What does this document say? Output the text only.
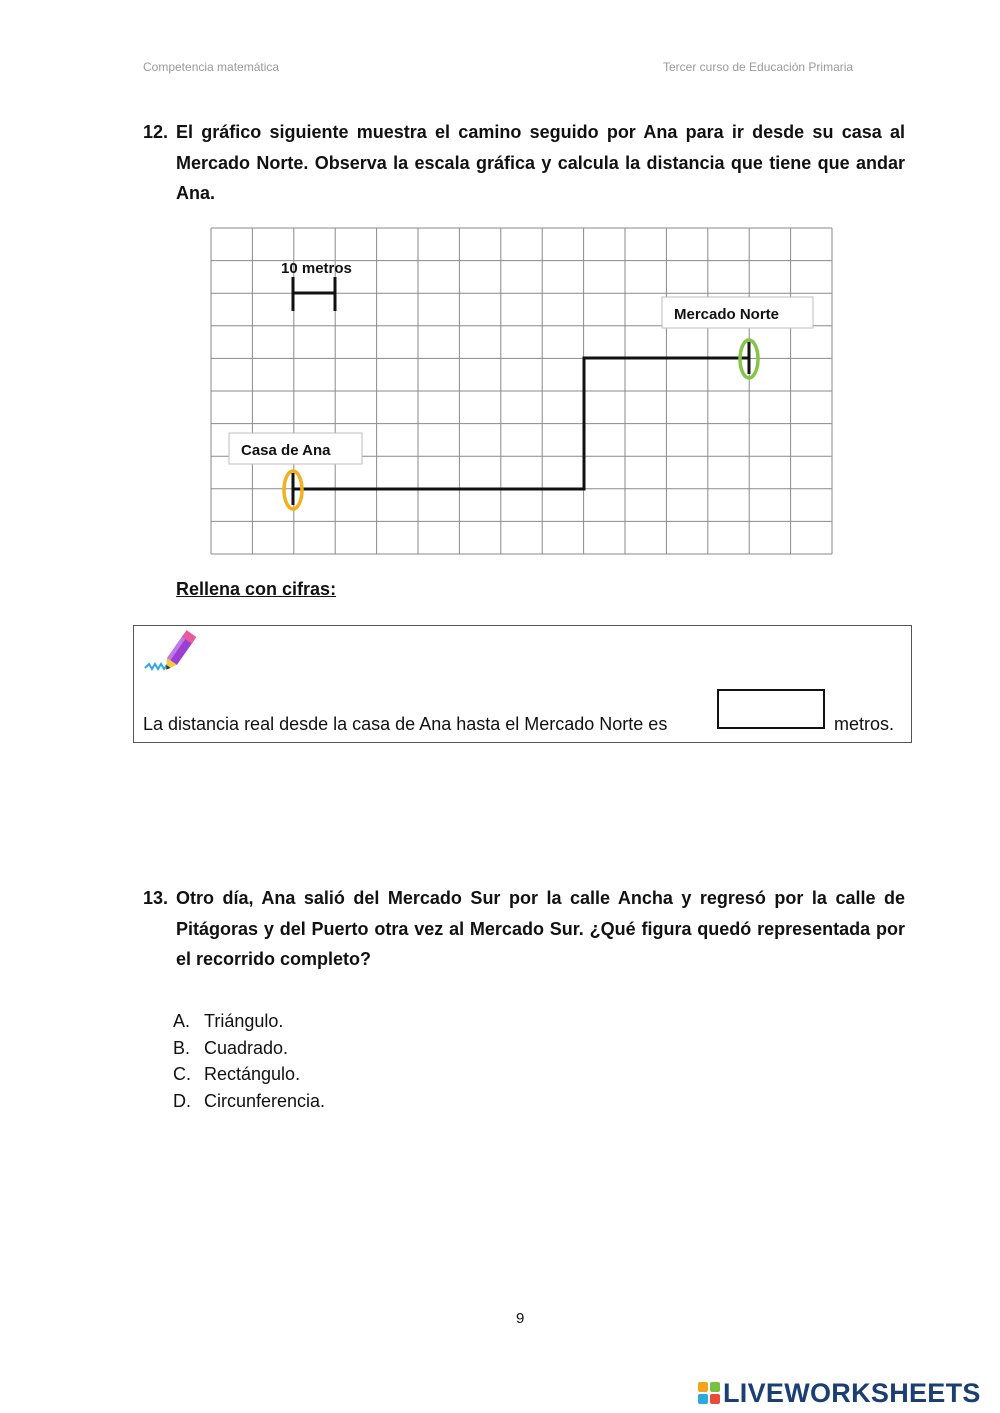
Competencia matemática	Tercer curso de Educación Primaria
12. El gráfico siguiente muestra el camino seguido por Ana para ir desde su casa al Mercado Norte. Observa la escala gráfica y calcula la distancia que tiene que andar Ana.
10 metros
Mercado Norte
Casa de Ana
Rellena con cifras:
La distancia real desde la casa de Ana hasta el Mercado Norte es	metros.
13. Otro día, Ana salió del Mercado Sur por la calle Ancha y regresó por la calle de Pitágoras y del Puerto otra vez al Mercado Sur. ¿Qué figura quedó representada por el recorrido completo?
A. Triángulo.
B. Cuadrado.
C. Rectángulo.
D. Circunferencia.
9
LIVEWORKSHEETS
